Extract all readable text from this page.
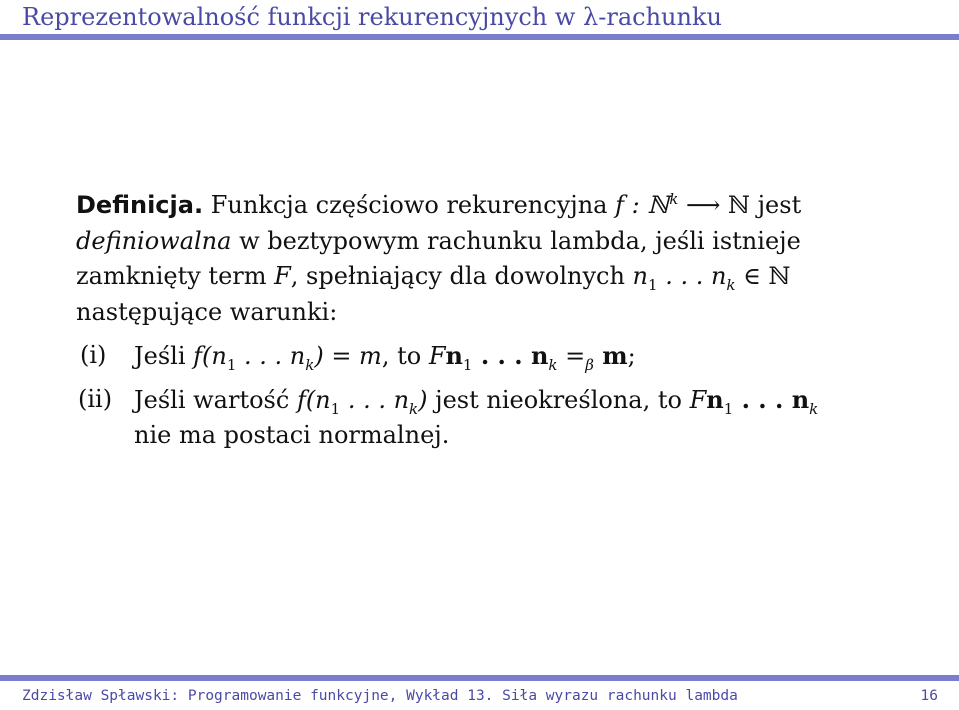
Reprezentowalność funkcji rekurencyjnych w λ-rachunku
Definicja. Funkcja częściowo rekurencyjna f : ℕ$^k$ ⟶ ℕ jest
definiowalna w beztypowym rachunku lambda, jeśli istnieje
zamknięty term F, spełniający dla dowolnych $n_1$ . . . $n_k$ ∈ ℕ
następujące warunki:
(i) Jeśli $f(n_1$ . . . $n_k) = m$, to $Fn_1$ . . . $n_k =_\beta$ m;
(ii) Jeśli wartość $f(n_1$ . . . $n_k$) jest nieokreślona, to $Fn_1$ . . . $n_k$
nie ma postaci normalnej.
Zdzisław Spławski: Programowanie funkcyjne, Wykład 13. Siła wyrazu rachunku lambda	16
